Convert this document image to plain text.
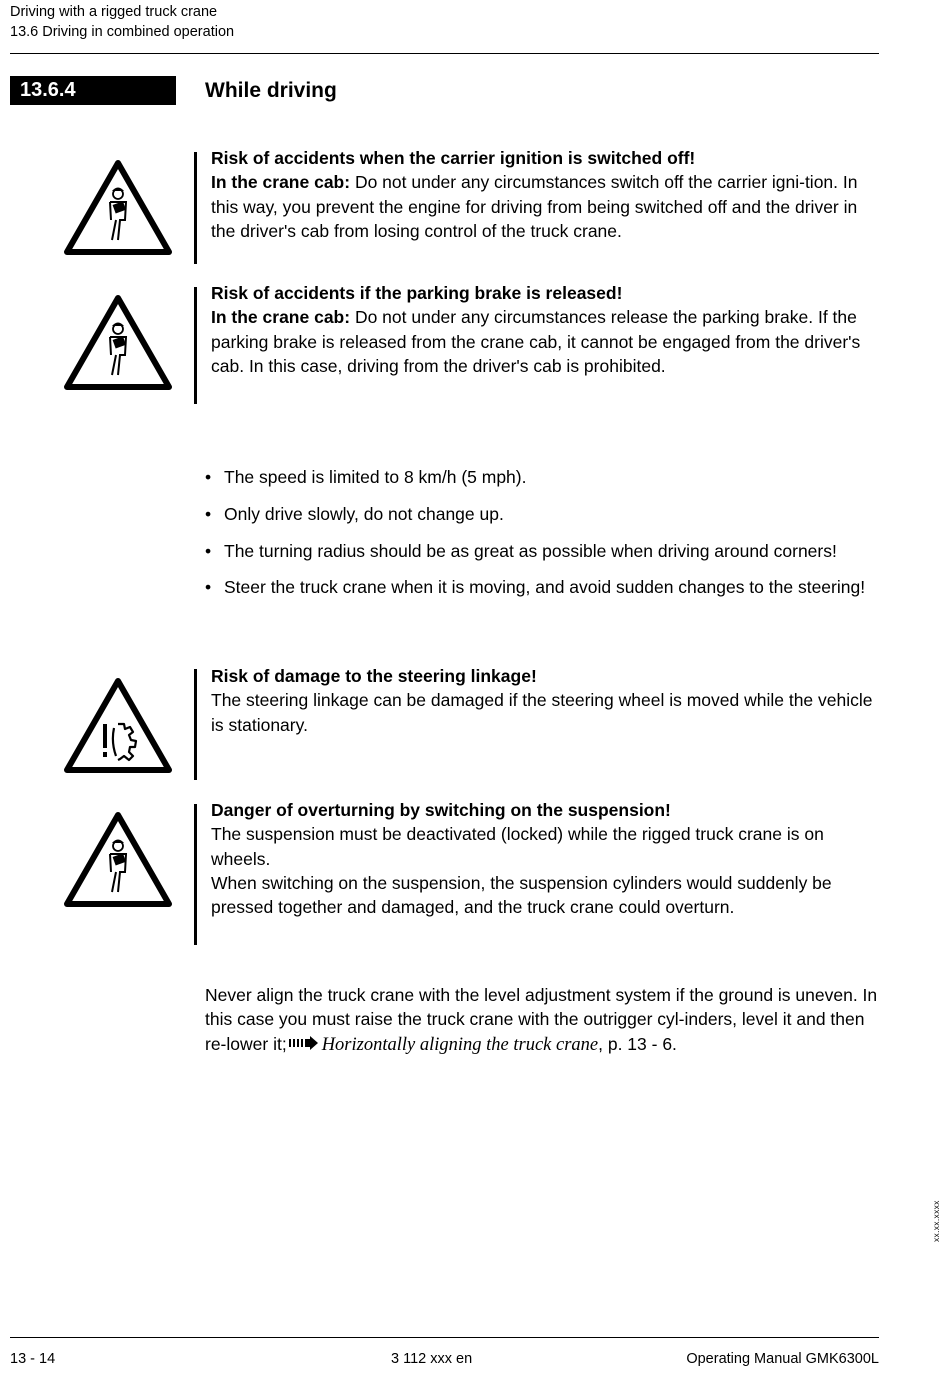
Driving with a rigged truck crane
13.6 Driving in combined operation
13.6.4	While driving
Risk of accidents when the carrier ignition is switched off!
In the crane cab: Do not under any circumstances switch off the carrier igni-tion. In this way, you prevent the engine for driving from being switched off and the driver in the driver's cab from losing control of the truck crane.
Risk of accidents if the parking brake is released!
In the crane cab: Do not under any circumstances release the parking brake. If the parking brake is released from the crane cab, it cannot be engaged from the driver's cab. In this case, driving from the driver's cab is prohibited.
• The speed is limited to 8 km/h (5 mph).
• Only drive slowly, do not change up.
• The turning radius should be as great as possible when driving around corners!
• Steer the truck crane when it is moving, and avoid sudden changes to the steering!
Risk of damage to the steering linkage!
The steering linkage can be damaged if the steering wheel is moved while the vehicle is stationary.
Danger of overturning by switching on the suspension!
The suspension must be deactivated (locked) while the rigged truck crane is on wheels.
When switching on the suspension, the suspension cylinders would suddenly be pressed together and damaged, and the truck crane could overturn.
Never align the truck crane with the level adjustment system if the ground is uneven. In this case you must raise the truck crane with the outrigger cyl-inders, level it and then re-lower it; Horizontally aligning the truck crane, p. 13 - 6.
xx.xx.xxxx
13 - 14	3 112 xxx en	Operating Manual GMK6300L
